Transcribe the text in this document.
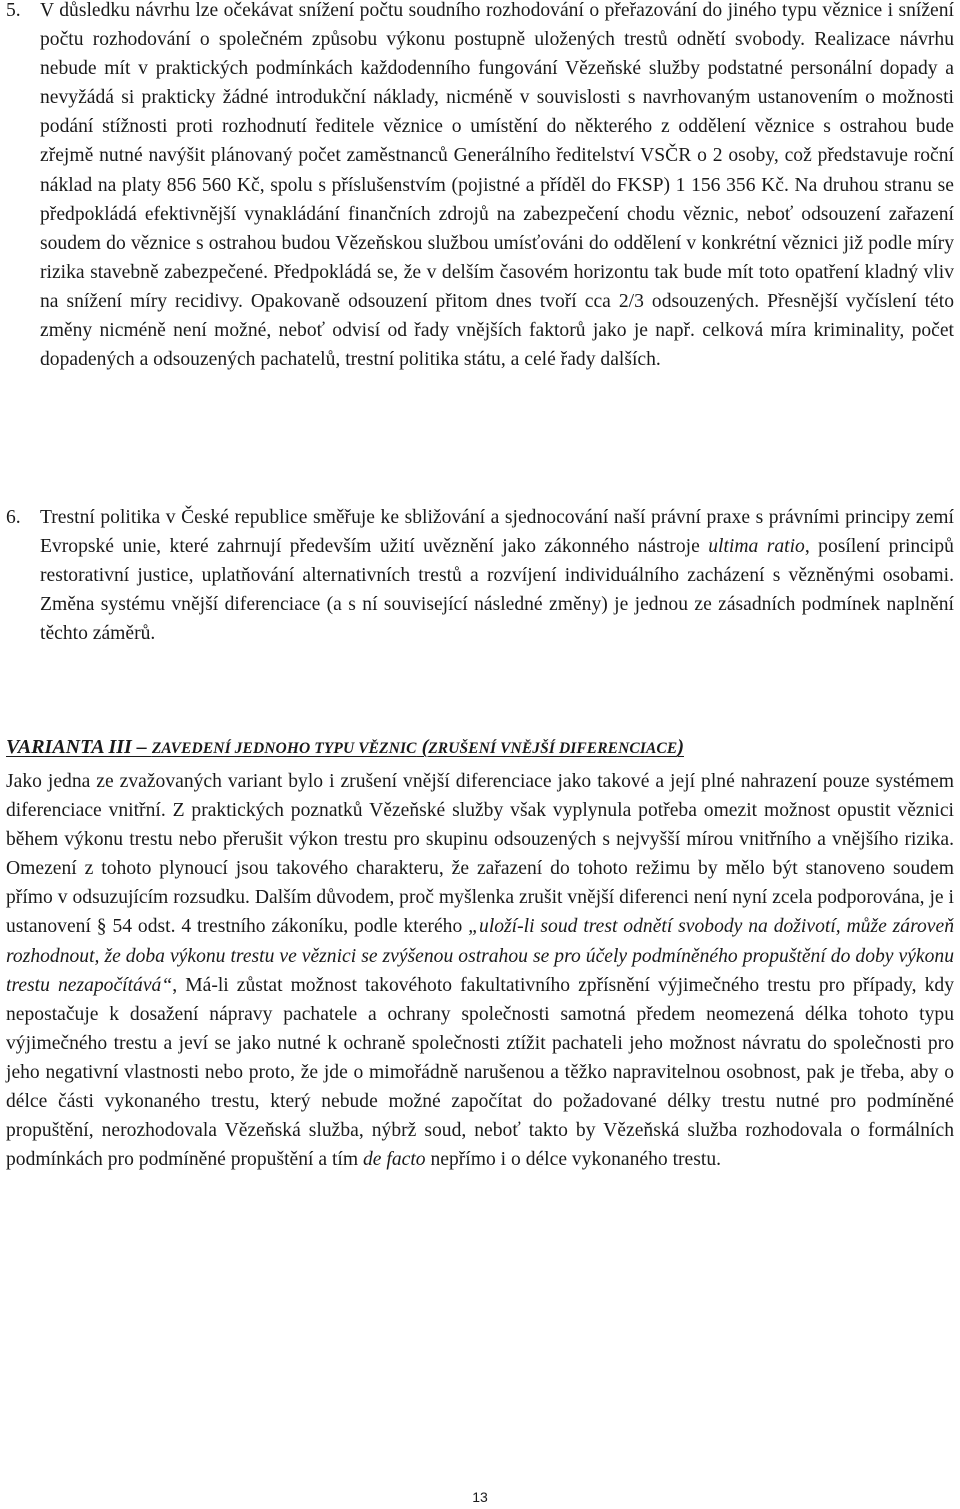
5. V důsledku návrhu lze očekávat snížení počtu soudního rozhodování o přeřazování do jiného typu věznice i snížení počtu rozhodování o společném způsobu výkonu postupně uložených trestů odnětí svobody. Realizace návrhu nebude mít v praktických podmínkách každodenního fungování Vězeňské služby podstatné personální dopady a nevyžádá si prakticky žádné introdukční náklady, nicméně v souvislosti s navrhovaným ustanovením o možnosti podání stížnosti proti rozhodnutí ředitele věznice o umístění do některého z oddělení věznice s ostrahou bude zřejmě nutné navýšit plánovaný počet zaměstnanců Generálního ředitelství VSČR o 2 osoby, což představuje roční náklad na platy 856 560 Kč, spolu s příslušenstvím (pojistné a příděl do FKSP) 1 156 356 Kč. Na druhou stranu se předpokládá efektivnější vynakládání finančních zdrojů na zabezpečení chodu věznic, neboť odsouzení zařazení soudem do věznice s ostrahou budou Vězeňskou službou umísťováni do oddělení v konkrétní věznici již podle míry rizika stavebně zabezpečené. Předpokládá se, že v delším časovém horizontu tak bude mít toto opatření kladný vliv na snížení míry recidivy. Opakovaně odsouzení přitom dnes tvoří cca 2/3 odsouzených. Přesnější vyčíslení této změny nicméně není možné, neboť odvisí od řady vnějších faktorů jako je např. celková míra kriminality, počet dopadených a odsouzených pachatelů, trestní politika státu, a celé řady dalších.

6. Trestní politika v České republice směřuje ke sbližování a sjednocování naší právní praxe s právními principy zemí Evropské unie, které zahrnují především užití uvěznění jako zákonného nástroje ultima ratio, posílení principů restorativní justice, uplatňování alternativních trestů a rozvíjení individuálního zacházení s vězněnými osobami. Změna systému vnější diferenciace (a s ní související následné změny) je jednou ze zásadních podmínek naplnění těchto záměrů.

VARIANTA III – ZAVEDENÍ JEDNOHO TYPU VĚZNIC (ZRUŠENÍ VNĚJŠÍ DIFERENCIACE)

Jako jedna ze zvažovaných variant bylo i zrušení vnější diferenciace jako takové a její plné nahrazení pouze systémem diferenciace vnitřní. Z praktických poznatků Vězeňské služby však vyplynula potřeba omezit možnost opustit věznici během výkonu trestu nebo přerušit výkon trestu pro skupinu odsouzených s nejvyšší mírou vnitřního a vnějšího rizika. Omezení z tohoto plynoucí jsou takového charakteru, že zařazení do tohoto režimu by mělo být stanoveno soudem přímo v odsuzujícím rozsudku. Dalším důvodem, proč myšlenka zrušit vnější diferenci není nyní zcela podporována, je i ustanovení § 54 odst. 4 trestního zákoníku, podle kterého „uloží-li soud trest odnětí svobody na doživotí, může zároveň rozhodnout, že doba výkonu trestu ve věznici se zvýšenou ostrahou se pro účely podmíněného propuštění do doby výkonu trestu nezapočítává“, Má-li zůstat možnost takovéhoto fakultativního zpřísnění výjimečného trestu pro případy, kdy nepostačuje k dosažení nápravy pachatele a ochrany společnosti samotná předem neomezená délka tohoto typu výjimečného trestu a jeví se jako nutné k ochraně společnosti ztížit pachateli jeho možnost návratu do společnosti pro jeho negativní vlastnosti nebo proto, že jde o mimořádně narušenou a těžko napravitelnou osobnost, pak je třeba, aby o délce části vykonaného trestu, který nebude možné započítat do požadované délky trestu nutné pro podmíněné propuštění, nerozhodovala Vězeňská služba, nýbrž soud, neboť takto by Vězeňská služba rozhodovala o formálních podmínkách pro podmíněné propuštění a tím de facto nepřímo i o délce vykonaného trestu.

13
